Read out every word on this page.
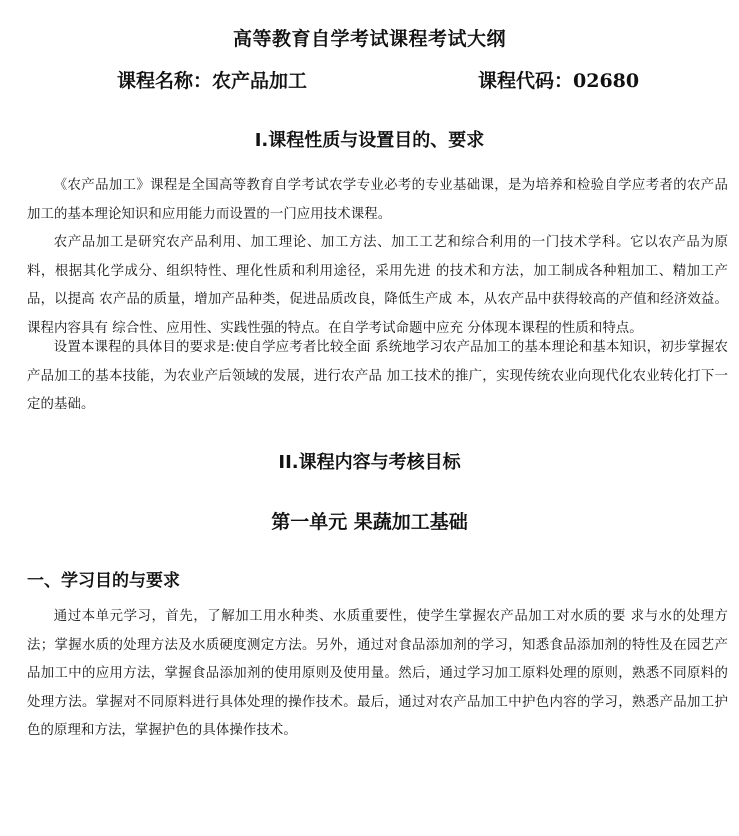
高等教育自学考试课程考试大纲
课程名称：农产品加工	课程代码：02680
I.课程性质与设置目的、要求

《农产品加工》课程是全国高等教育自学考试农学专业必考的专业基础课，是为培养和检验自学应考者的农产品加工的基本理论知识和应用能力而设置的一门应用技术课程。

农产品加工是研究农产品利用、加工理论、加工方法、加工工艺和综合利用的一门技术学科。它以农产品为原料，根据其化学成分、组织特性、理化性质和利用途径，采用先进 的技术和方法，加工制成各种粗加工、精加工产品，以提高 农产品的质量，增加产品种类，促进品质改良，降低生产成 本，从农产品中获得较高的产值和经济效益。课程内容具有 综合性、应用性、实践性强的特点。在自学考试命题中应充 分体现本课程的性质和特点。

设置本课程的具体目的要求是:使自学应考者比较全面 系统地学习农产品加工的基本理论和基本知识，初步掌握农 产品加工的基本技能，为农业产后领域的发展，进行农产品 加工技术的推广，实现传统农业向现代化农业转化打下一定的基础。

II.课程内容与考核目标
第一单元 果蔬加工基础
一、学习目的与要求

通过本单元学习，首先，了解加工用水种类、水质重要性，使学生掌握农产品加工对水质的要 求与水的处理方法；掌握水质的处理方法及水质硬度测定方法。另外，通过对食品添加剂的学习，知悉食品添加剂的特性及在园艺产品加工中的应用方法，掌握食品添加剂的使用原则及使用量。然后，通过学习加工原料处理的原则，熟悉不同原料的处理方法。掌握对不同原料进行具体处理的操作技术。最后，通过对农产品加工中护色内容的学习，熟悉产品加工护色的原理和方法，掌握护色的具体操作技术。
